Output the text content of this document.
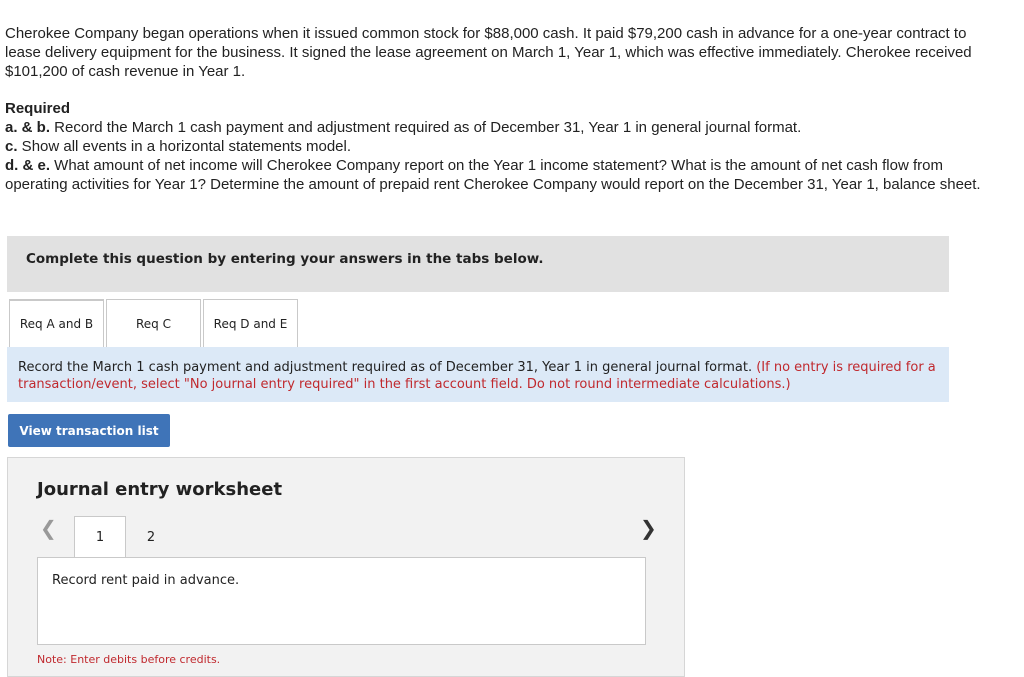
Cherokee Company began operations when it issued common stock for $88,000 cash. It paid $79,200 cash in advance for a one-year contract to lease delivery equipment for the business. It signed the lease agreement on March 1, Year 1, which was effective immediately. Cherokee received $101,200 of cash revenue in Year 1.

Required

a. & b. Record the March 1 cash payment and adjustment required as of December 31, Year 1 in general journal format.

c. Show all events in a horizontal statements model.

d. & e. What amount of net income will Cherokee Company report on the Year 1 income statement? What is the amount of net cash flow from operating activities for Year 1? Determine the amount of prepaid rent Cherokee Company would report on the December 31, Year 1, balance sheet.

Complete this question by entering your answers in the tabs below.
Req A and B	Req C	Req D and E
Record the March 1 cash payment and adjustment required as of December 31, Year 1 in general journal format. (If no entry is required for a transaction/event, select "No journal entry required" in the first account field. Do not round intermediate calculations.)
View transaction list
Journal entry worksheet
❮	1	2	❯
Record rent paid in advance.
Note: Enter debits before credits.
